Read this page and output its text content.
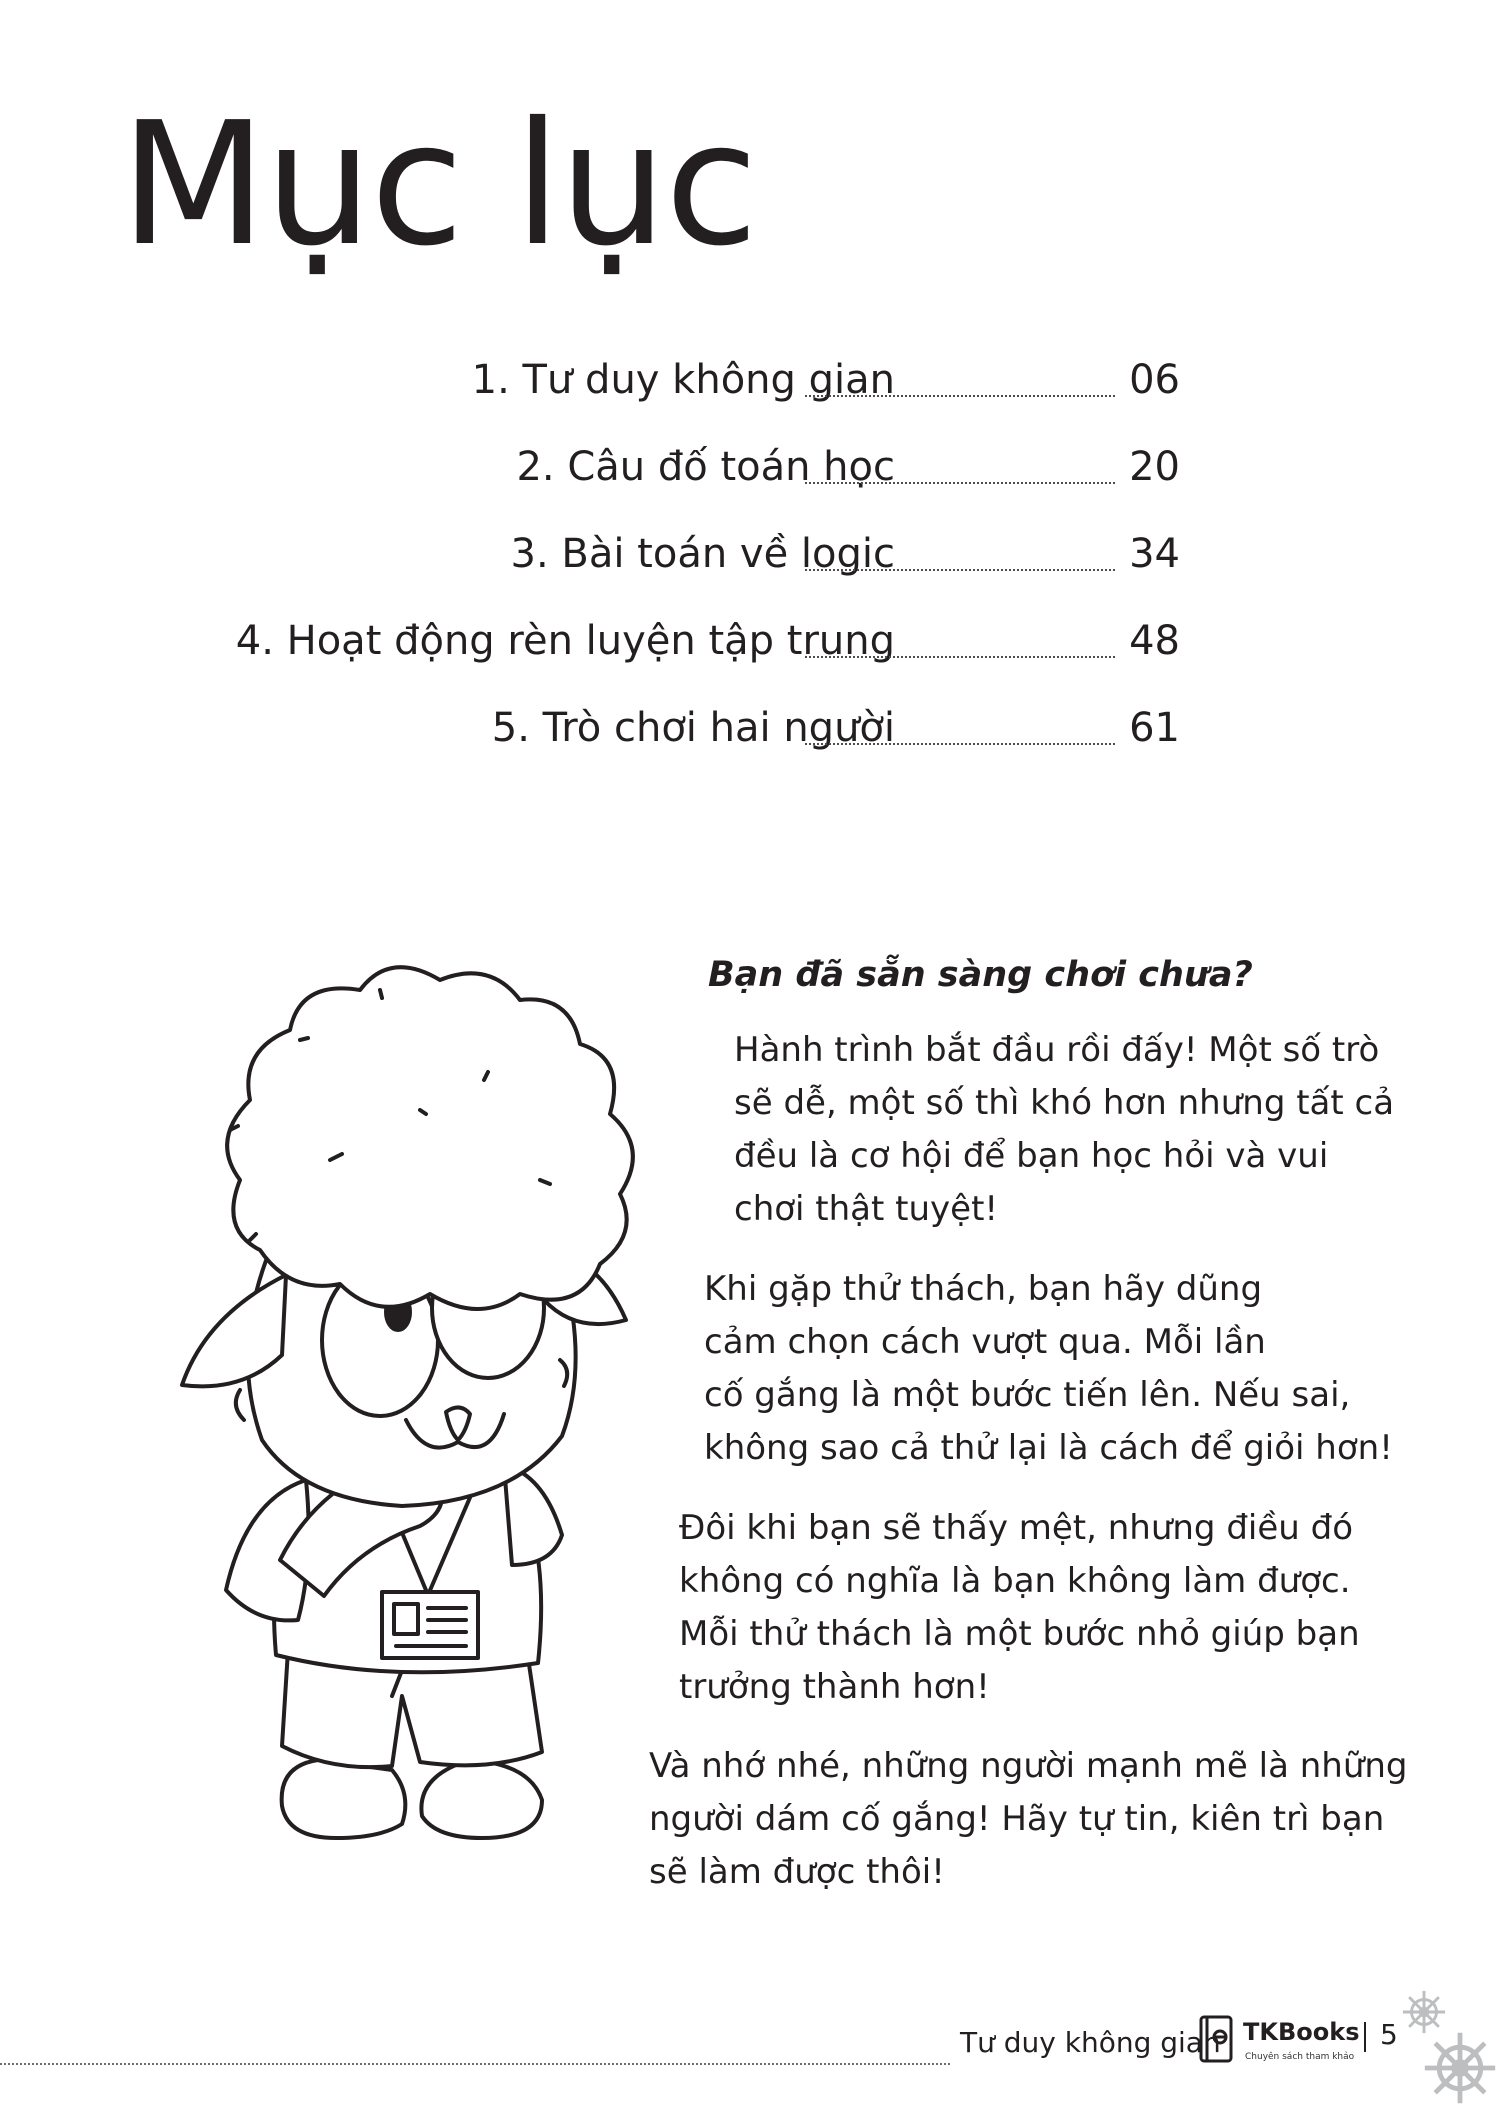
Mục lục
1. Tư duy không gian	06
2. Câu đố toán học	20
3. Bài toán về logic	34
4. Hoạt động rèn luyện tập trung	48
5. Trò chơi hai người	61
Bạn đã sẵn sàng chơi chưa?

Hành trình bắt đầu rồi đấy! Một số trò
sẽ dễ, một số thì khó hơn nhưng tất cả
đều là cơ hội để bạn học hỏi và vui
chơi thật tuyệt!

Khi gặp thử thách, bạn hãy dũng
cảm chọn cách vượt qua. Mỗi lần
cố gắng là một bước tiến lên. Nếu sai,
không sao cả thử lại là cách để giỏi hơn!

Đôi khi bạn sẽ thấy mệt, nhưng điều đó
không có nghĩa là bạn không làm được.
Mỗi thử thách là một bước nhỏ giúp bạn
trưởng thành hơn!

Và nhớ nhé, những người mạnh mẽ là những
người dám cố gắng! Hãy tự tin, kiên trì bạn
sẽ làm được thôi!

Tư duy không gian TKBooks
Chuyên sách tham khảo
5
